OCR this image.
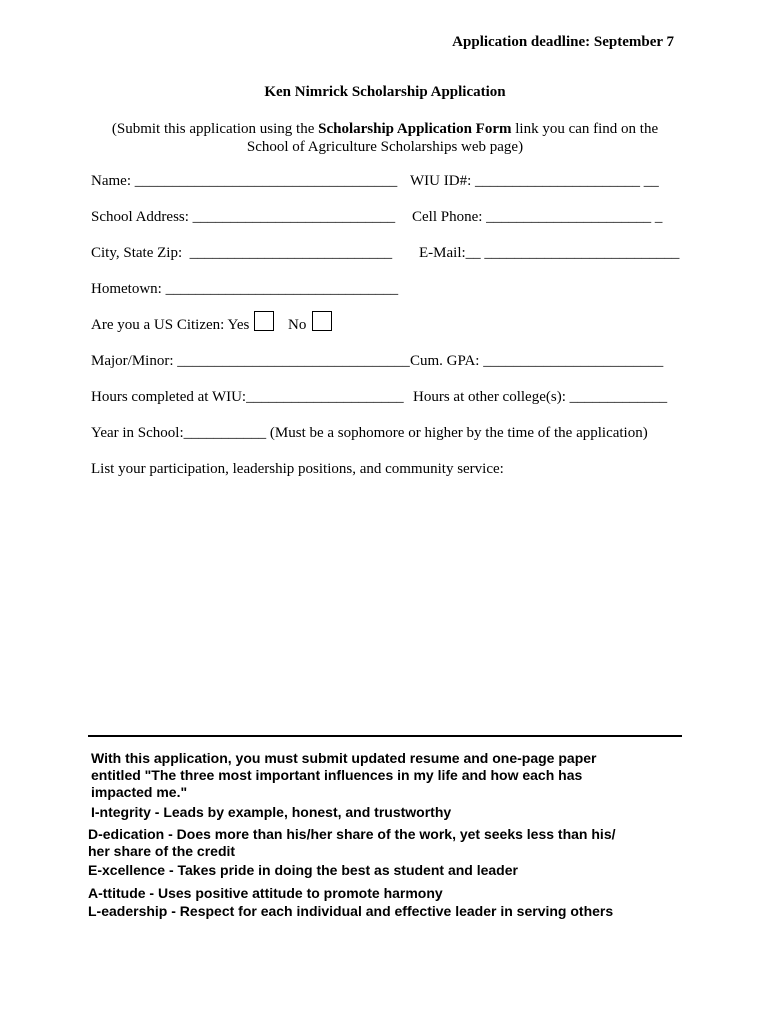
Application deadline: September 7
Ken Nimrick Scholarship Application
(Submit this application using the Scholarship Application Form link you can find on the
School of Agriculture Scholarships web page)
Name: ___________________________________ WIU ID#: ______________________ __
School Address: ___________________________ Cell Phone: ______________________ _
City, State Zip:  ___________________________ E-Mail:__ __________________________
Hometown: _______________________________
Are you a US Citizen: Yes	No
Major/Minor: _______________________________ Cum. GPA: ________________________
Hours completed at WIU:_____________________ Hours at other college(s): _____________
Year in School:___________ (Must be a sophomore or higher by the time of the application)
List your participation, leadership positions, and community service:
With this application, you must submit updated resume and one-page paper
entitled "The three most important influences in my life and how each has
impacted me."
I-ntegrity - Leads by example, honest, and trustworthy
D-edication - Does more than his/her share of the work, yet seeks less than his/
her share of the credit
E-xcellence - Takes pride in doing the best as student and leader
A-ttitude - Uses positive attitude to promote harmony
L-eadership - Respect for each individual and effective leader in serving others
